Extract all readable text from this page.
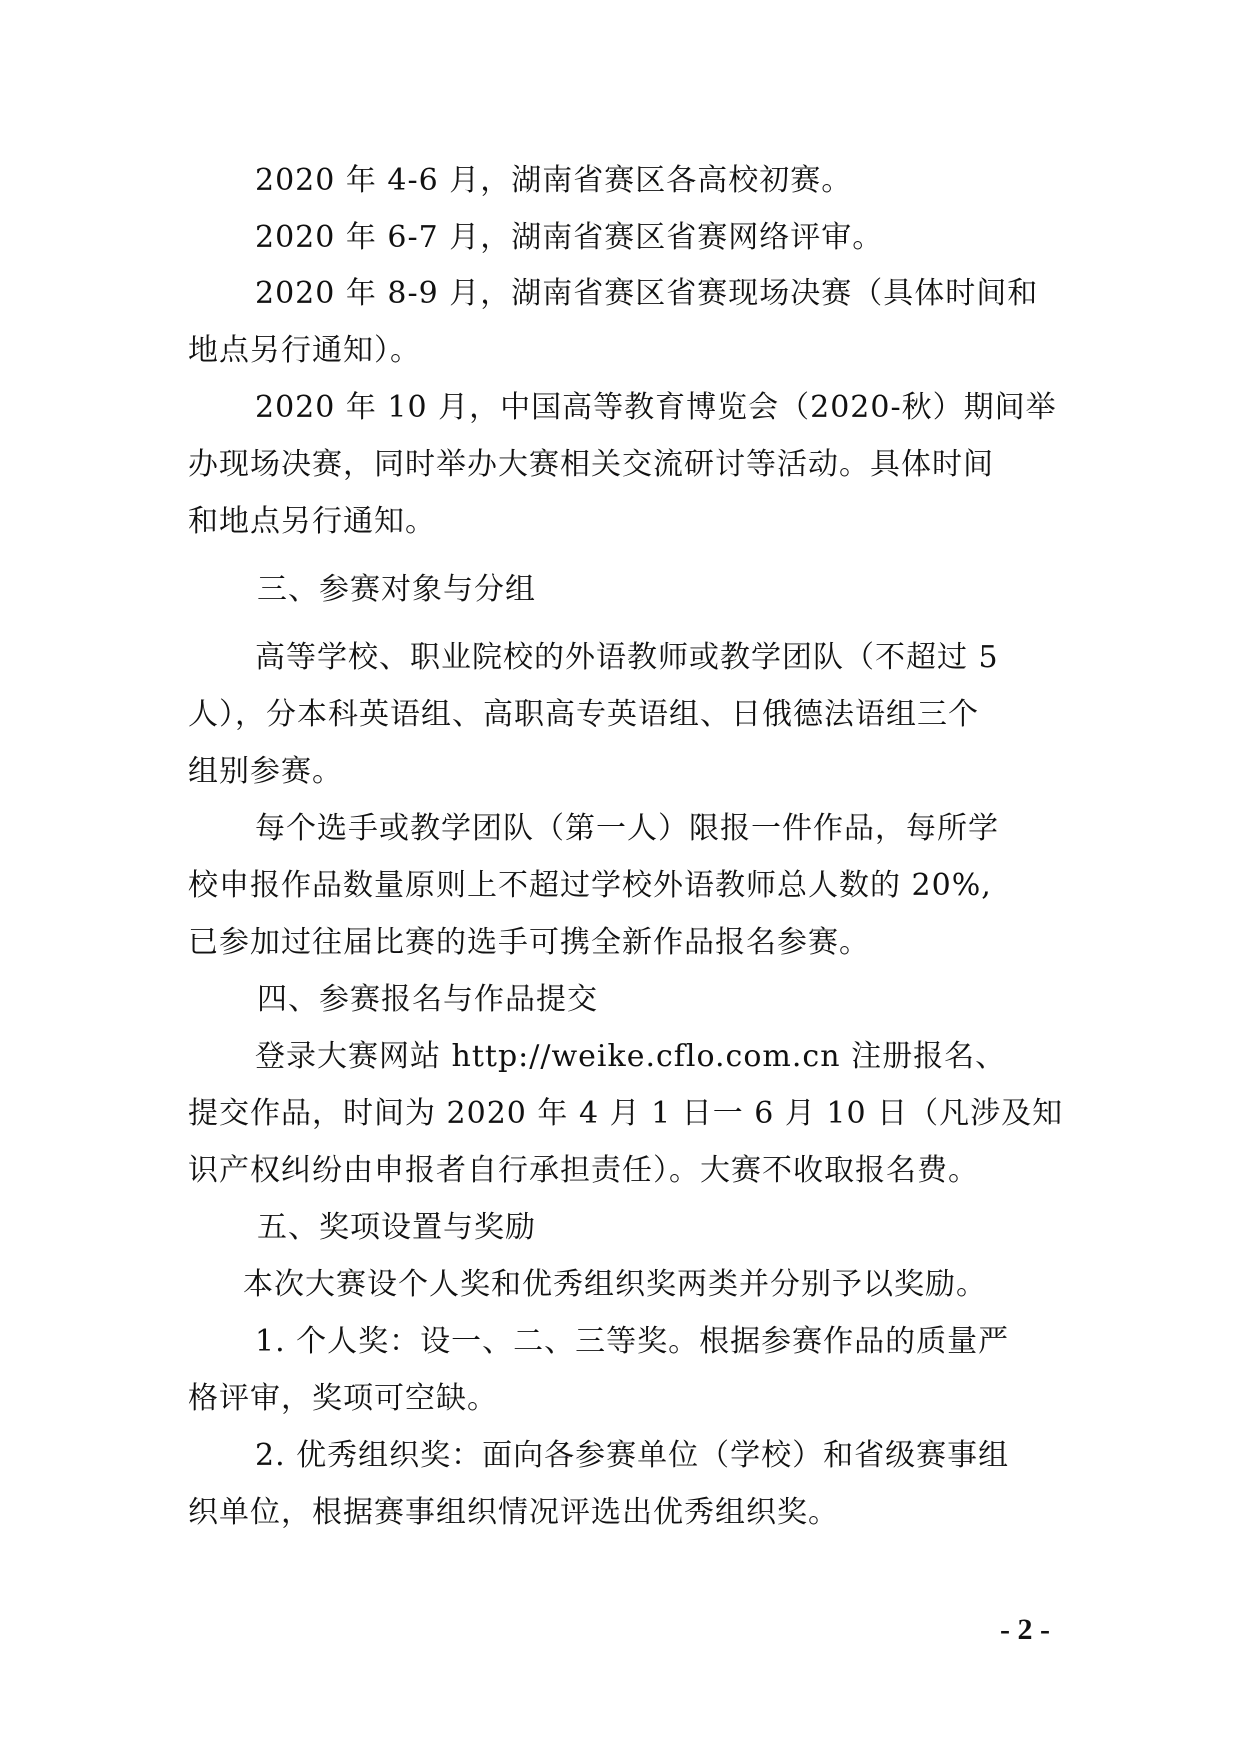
2020 年 4-6 月，湖南省赛区各高校初赛。
2020 年 6-7 月，湖南省赛区省赛网络评审。
2020 年 8-9 月，湖南省赛区省赛现场决赛（具体时间和
地点另行通知）。
2020 年 10 月，中国高等教育博览会（2020-秋）期间举
办现场决赛，同时举办大赛相关交流研讨等活动。具体时间
和地点另行通知。
三、参赛对象与分组
高等学校、职业院校的外语教师或教学团队（不超过 5
人），分本科英语组、高职高专英语组、日俄德法语组三个
组别参赛。
每个选手或教学团队（第一人）限报一件作品，每所学
校申报作品数量原则上不超过学校外语教师总人数的 20%,
已参加过往届比赛的选手可携全新作品报名参赛。
四、参赛报名与作品提交
登录大赛网站 http://weike.cflo.com.cn 注册报名、
提交作品，时间为 2020 年 4 月 1 日一 6 月 10 日（凡涉及知
识产权纠纷由申报者自行承担责任）。大赛不收取报名费。
五、奖项设置与奖励
本次大赛设个人奖和优秀组织奖两类并分别予以奖励。
1. 个人奖：设一、二、三等奖。根据参赛作品的质量严
格评审，奖项可空缺。
2. 优秀组织奖：面向各参赛单位（学校）和省级赛事组
织单位，根据赛事组织情况评选出优秀组织奖。
- 2 -
